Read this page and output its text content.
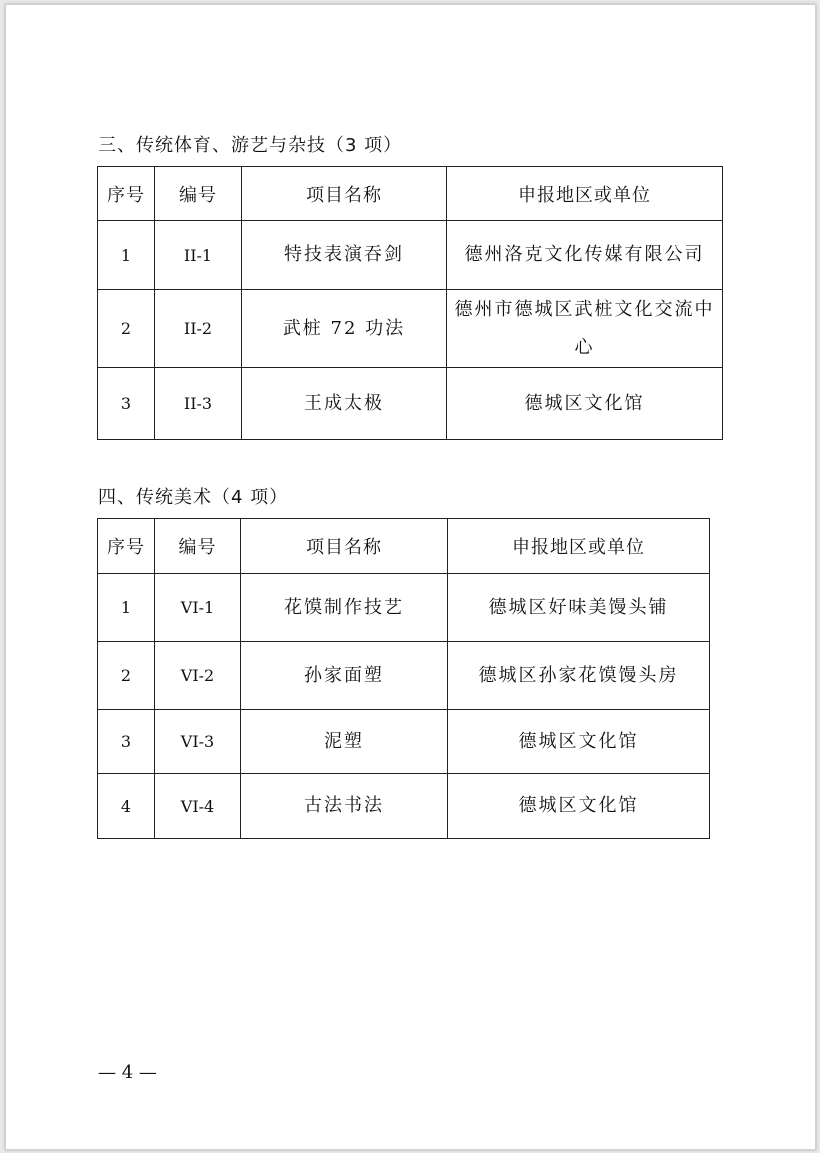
三、传统体育、游艺与杂技（3 项）
序号	编号	项目名称	申报地区或单位
1	II-1	特技表演吞剑	德州洛克文化传媒有限公司
2	II-2	武桩 72 功法	德州市德城区武桩文化交流中心
3	II-3	王成太极	德城区文化馆
四、传统美术（4 项）
序号	编号	项目名称	申报地区或单位
1	VI-1	花馍制作技艺	德城区好味美馒头铺
2	VI-2	孙家面塑	德城区孙家花馍馒头房
3	VI-3	泥塑	德城区文化馆
4	VI-4	古法书法	德城区文化馆
— 4 —
